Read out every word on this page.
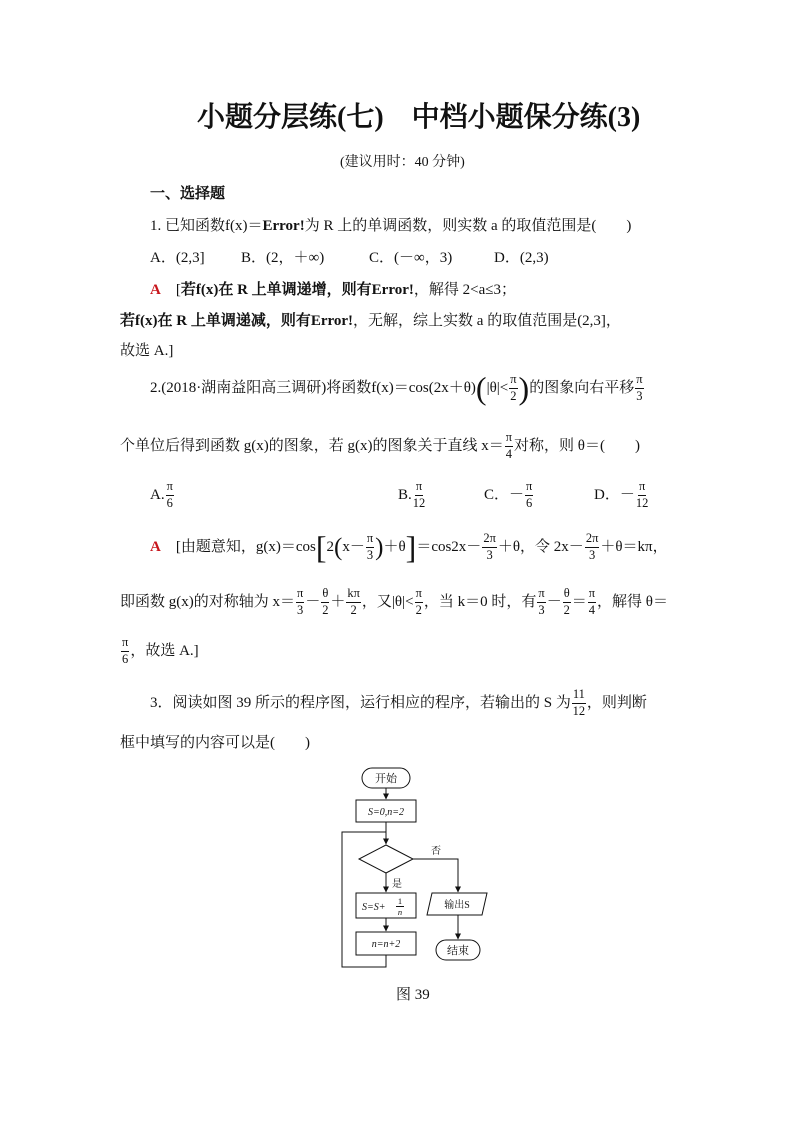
小题分层练(七)　中档小题保分练(3)
(建议用时：40 分钟)
一、选择题
1. 已知函数f(x)＝ Error! 为 R 上的单调函数，则实数 a 的取值范围是(　　)
A．(2,3] B．(2，＋∞)	C．(－∞，3)	D．(2,3)
A 　[ 若f(x)在 R 上单调递增，则有Error! ，解得 2<a≤3；
若f(x)在 R 上单调递减，则有Error! ，无解，综上实数 a 的取值范围是(2,3]，
故选 A.]
2.(2018·湖南益阳高三调研)将函数f(x)＝cos(2x＋θ) ( $|\theta|< \frac{\pi}{2}$ ) 的图象向右平移 $\frac{\pi}{3}$
个单位后得到函数 g(x)的图象，若 g(x)的图象关于直线 $x= \frac{\pi}{4}$ 对称，则 θ＝(　　)
A. $\frac{\pi}{6}$	B. $\frac{\pi}{12}$	C．－ $\frac{\pi}{6}$	D．－ $\frac{\pi}{12}$
A 　[由题意知，g(x)＝cos [ 2 ( $x- \frac{\pi}{3}$ ) ＋θ ] $=\cos 2x- \frac{2\pi}{3} +\theta$，令 $2x- \frac{2\pi}{3} +\theta=k\pi$，
即函数 g(x)的对称轴为 $x= \frac{\pi}{3} - \frac{\theta}{2} + \frac{k\pi}{2}$ ，又$|\theta|< \frac{\pi}{2}$ ，当 k＝0 时，有 $\frac{\pi}{3} - \frac{\theta}{2} = \frac{\pi}{4}$ ，解得 θ＝
$\frac{\pi}{6}$ ，故选 A.]
3．阅读如图 39 所示的程序图，运行相应的程序，若输出的 S 为 $\frac{11}{12}$ ，则判断
框中填写的内容可以是(　　)
开始
S=0,n=2
否
是
S=S+
1
n
n=n+2
输出S
结束
图 39
